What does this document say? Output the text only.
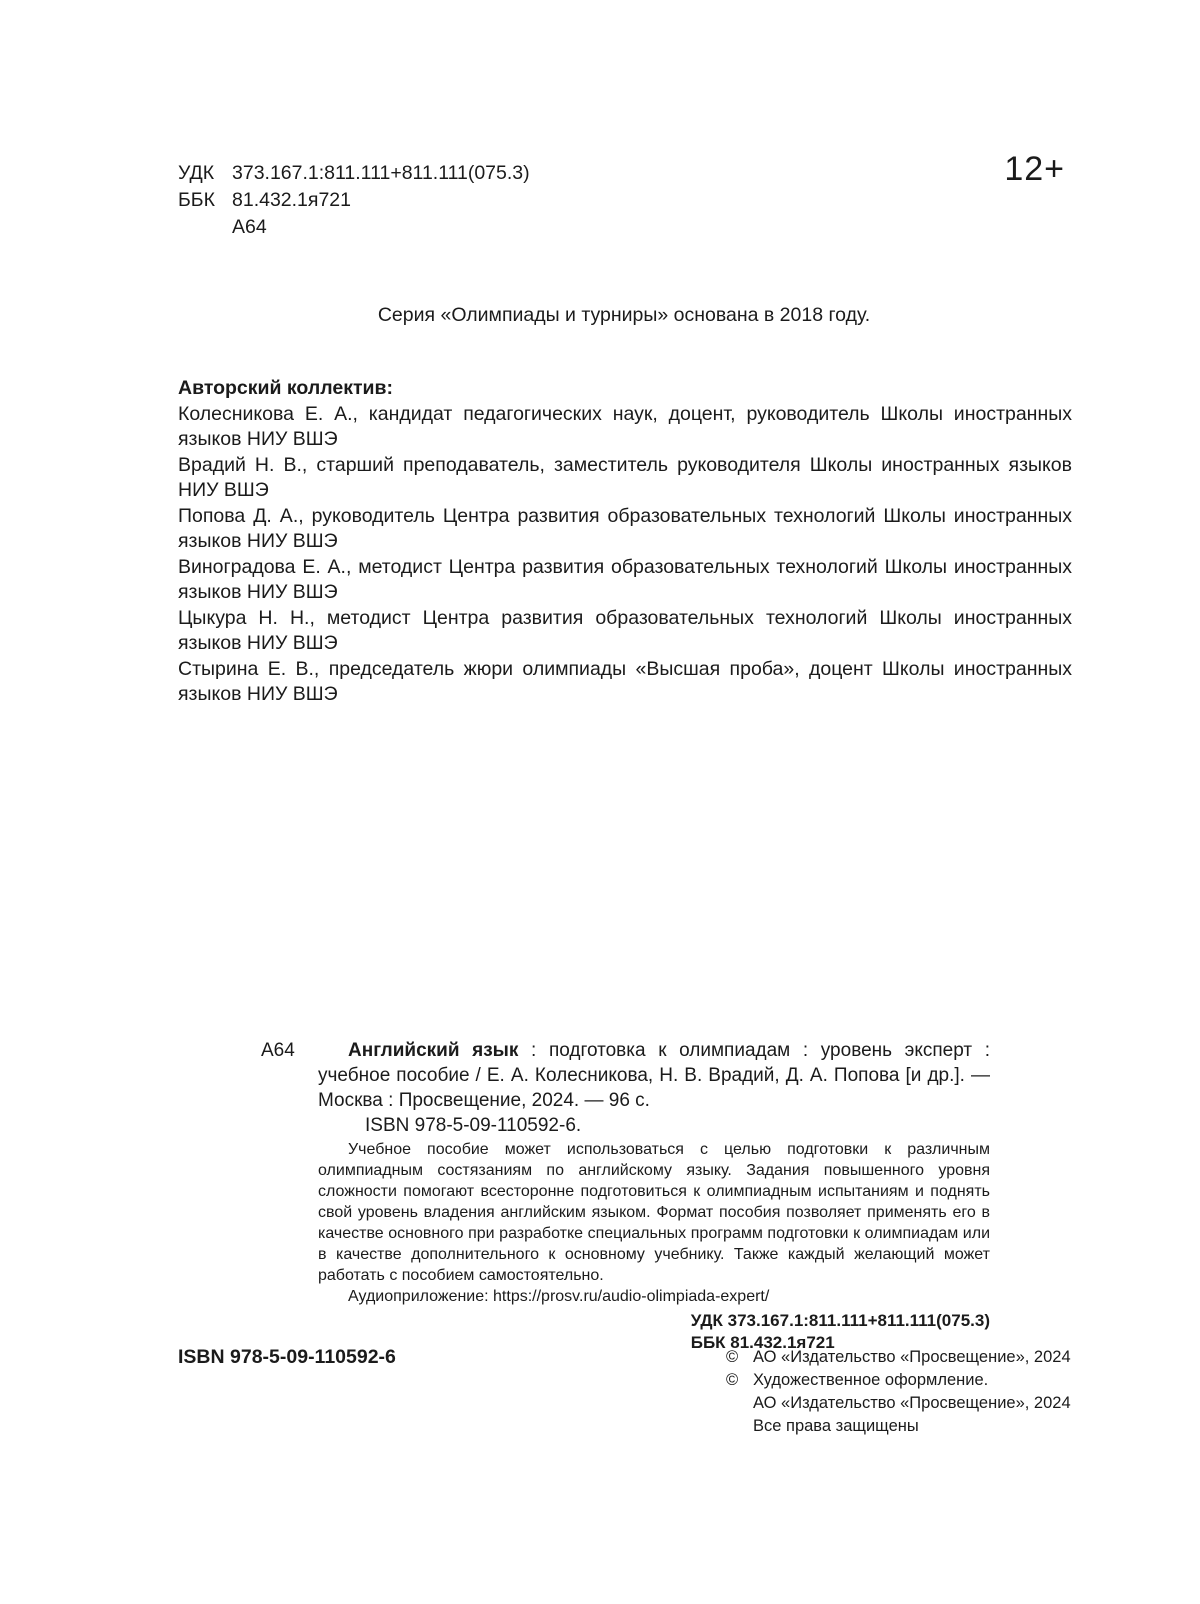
УДК 373.167.1:811.111+811.111(075.3)
ББК 81.432.1я721
А64
12+
Серия «Олимпиады и турниры» основана в 2018 году.

Авторский коллектив:

Колесникова Е. А., кандидат педагогических наук, доцент, руководитель Школы иностранных языков НИУ ВШЭ

Врадий Н. В., старший преподаватель, заместитель руководителя Школы иностранных языков НИУ ВШЭ

Попова Д. А., руководитель Центра развития образовательных технологий Школы иностранных языков НИУ ВШЭ

Виноградова Е. А., методист Центра развития образовательных технологий Школы иностранных языков НИУ ВШЭ

Цыкура Н. Н., методист Центра развития образовательных технологий Школы иностранных языков НИУ ВШЭ

Стырина Е. В., председатель жюри олимпиады «Высшая проба», доцент Школы иностранных языков НИУ ВШЭ

А64	Английский язык : подготовка к олимпиадам : уровень эксперт : учебное пособие / Е. А. Колесникова, Н. В. Врадий, Д. А. Попова [и др.]. — Москва : Просвещение, 2024. — 96 с.

ISBN 978-5-09-110592-6.

Учебное пособие может использоваться с целью подготовки к различным олимпиадным состязаниям по английскому языку. Задания повышенного уровня сложности помогают всесторонне подготовиться к олимпиадным испытаниям и поднять свой уровень владения английским языком. Формат пособия позволяет применять его в качестве основного при разработке специальных программ подготовки к олимпиадам или в качестве дополнительного к основному учебнику. Также каждый желающий может работать с пособием самостоятельно.

Аудиоприложение: https://prosv.ru/audio-olimpiada-expert/

УДК 373.167.1:811.111+811.111(075.3)
ББК 81.432.1я721
ISBN 978-5-09-110592-6	© АО «Издательство «Просвещение», 2024
© Художественное оформление.
АО «Издательство «Просвещение», 2024
Все права защищены
